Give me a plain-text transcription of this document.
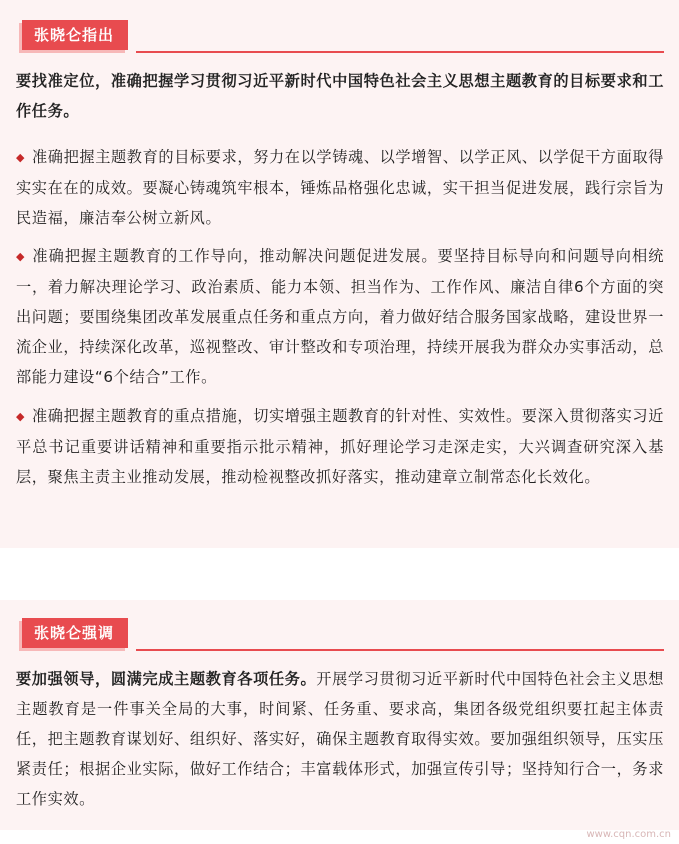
张晓仑指出
要找准定位，准确把握学习贯彻习近平新时代中国特色社会主义思想主题教育的目标要求和工作任务。
◆ 准确把握主题教育的目标要求，努力在以学铸魂、以学增智、以学正风、以学促干方面取得实实在在的成效。要凝心铸魂筑牢根本，锤炼品格强化忠诚，实干担当促进发展，践行宗旨为民造福，廉洁奉公树立新风。
◆ 准确把握主题教育的工作导向，推动解决问题促进发展。要坚持目标导向和问题导向相统一，着力解决理论学习、政治素质、能力本领、担当作为、工作作风、廉洁自律6个方面的突出问题；要围绕集团改革发展重点任务和重点方向，着力做好结合服务国家战略，建设世界一流企业，持续深化改革，巡视整改、审计整改和专项治理，持续开展我为群众办实事活动，总部能力建设“6个结合”工作。
◆ 准确把握主题教育的重点措施，切实增强主题教育的针对性、实效性。要深入贯彻落实习近平总书记重要讲话精神和重要指示批示精神，抓好理论学习走深走实，大兴调查研究深入基层，聚焦主责主业推动发展，推动检视整改抓好落实，推动建章立制常态化长效化。
张晓仑强调
要加强领导，圆满完成主题教育各项任务。开展学习贯彻习近平新时代中国特色社会主义思想主题教育是一件事关全局的大事，时间紧、任务重、要求高，集团各级党组织要扛起主体责任，把主题教育谋划好、组织好、落实好，确保主题教育取得实效。要加强组织领导，压实压紧责任；根据企业实际，做好工作结合；丰富载体形式，加强宣传引导；坚持知行合一，务求工作实效。
www.cqn.com.cn
